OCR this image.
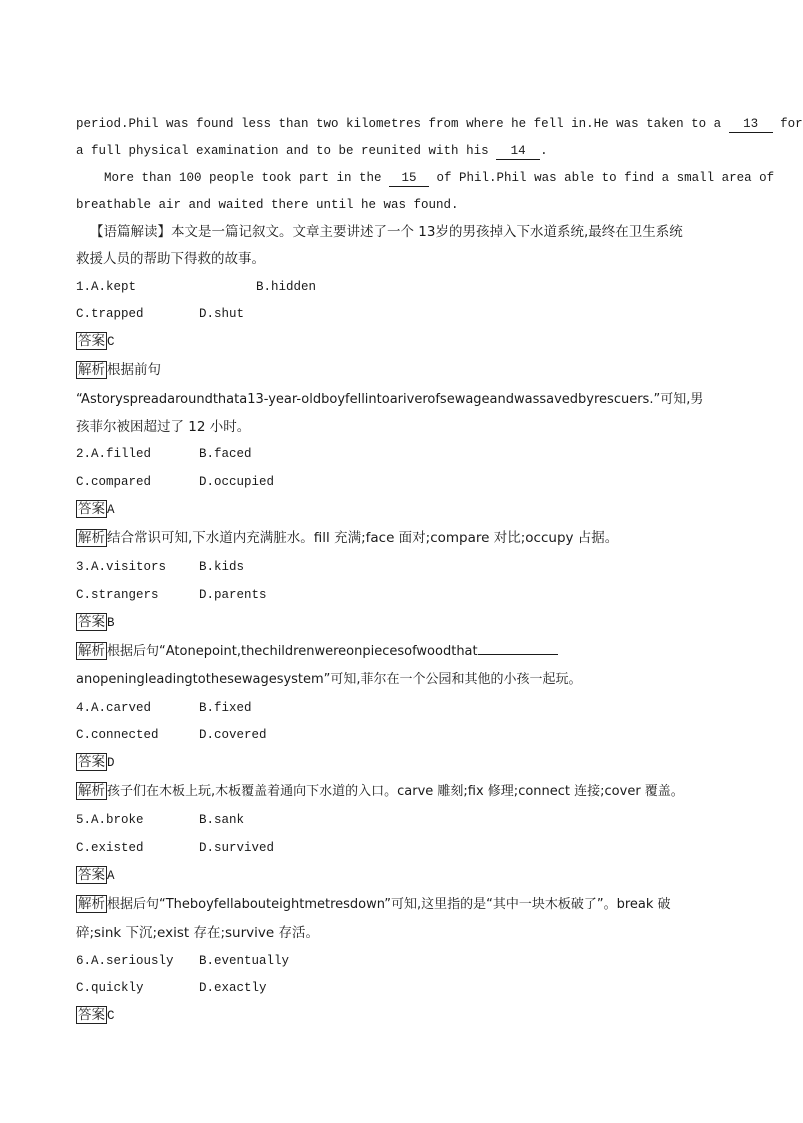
period.Phil was found less than two kilometres from where he fell in.He was taken to a 13 for
a full physical examination and to be reunited with his 14 .
More than 100 people took part in the 15 of Phil.Phil was able to find a small area of
breathable air and waited there until he was found.
【语篇解读】本文是一篇记叙文。文章主要讲述了一个 13岁的男孩掉入下水道系统,最终在卫生系统
救援人员的帮助下得救的故事。
1.A.kept	B.hidden
C.trapped	D.shut
答案 C
解析 根据前句
“Astoryspreadaroundthata13-year-oldboyfellintoariverofsewageandwassavedbyrescuers.”可知,男
孩菲尔被困超过了 12 小时。
2.A.filled	B.faced
C.compared	D.occupied
答案 A
解析 结合常识可知,下水道内充满脏水。fill 充满;face 面对;compare 对比;occupy 占据。
3.A.visitors	B.kids
C.strangers	D.parents
答案 B
解析 根据后句“Atonepoint,thechildrenwereonpiecesofwoodthat
anopeningleadingtothesewagesystem”可知,菲尔在一个公园和其他的小孩一起玩。
4.A.carved	B.fixed
C.connected	D.covered
答案 D
解析 孩子们在木板上玩,木板覆盖着通向下水道的入口。carve 雕刻;fix 修理;connect 连接;cover 覆盖。
5.A.broke	B.sank
C.existed	D.survived
答案 A
解析 根据后句“Theboyfellabouteightmetresdown”可知,这里指的是“其中一块木板破了”。break 破
碎;sink 下沉;exist 存在;survive 存活。
6.A.seriously B.eventually
C.quickly	D.exactly
答案 C
